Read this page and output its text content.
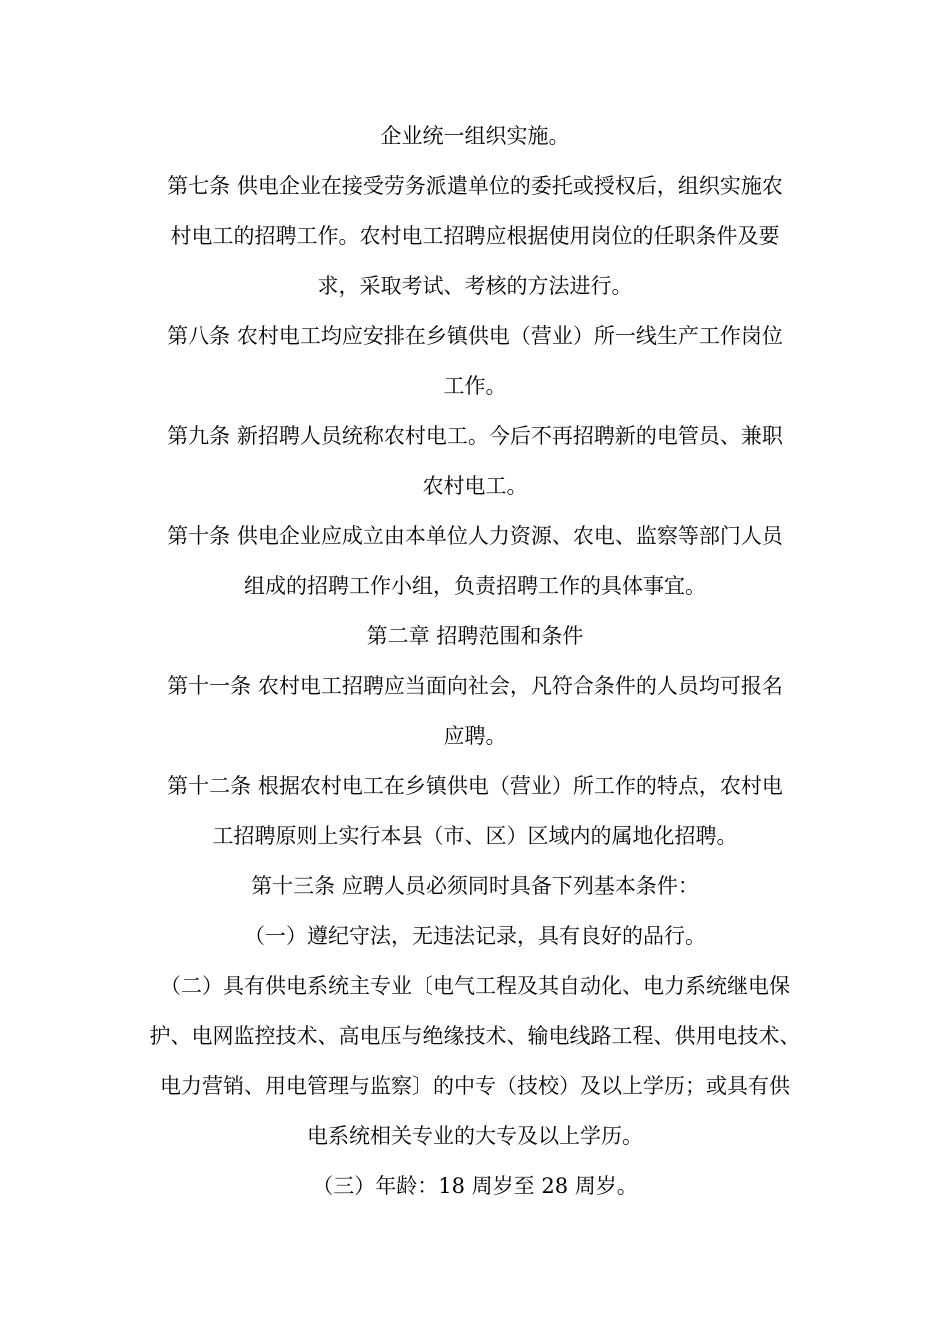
企业统一组织实施。
第七条 供电企业在接受劳务派遣单位的委托或授权后，组织实施农
村电工的招聘工作。农村电工招聘应根据使用岗位的任职条件及要
求，采取考试、考核的方法进行。
第八条 农村电工均应安排在乡镇供电（营业）所一线生产工作岗位
工作。
第九条 新招聘人员统称农村电工。今后不再招聘新的电管员、兼职
农村电工。
第十条 供电企业应成立由本单位人力资源、农电、监察等部门人员
组成的招聘工作小组，负责招聘工作的具体事宜。
第二章 招聘范围和条件
第十一条 农村电工招聘应当面向社会，凡符合条件的人员均可报名
应聘。
第十二条 根据农村电工在乡镇供电（营业）所工作的特点，农村电
工招聘原则上实行本县（市、区）区域内的属地化招聘。
第十三条 应聘人员必须同时具备下列基本条件：
（一）遵纪守法，无违法记录，具有良好的品行。
（二）具有供电系统主专业〔电气工程及其自动化、电力系统继电保
护、电网监控技术、高电压与绝缘技术、输电线路工程、供用电技术、
电力营销、用电管理与监察〕的中专（技校）及以上学历；或具有供
电系统相关专业的大专及以上学历。
（三）年龄：18 周岁至 28 周岁。
